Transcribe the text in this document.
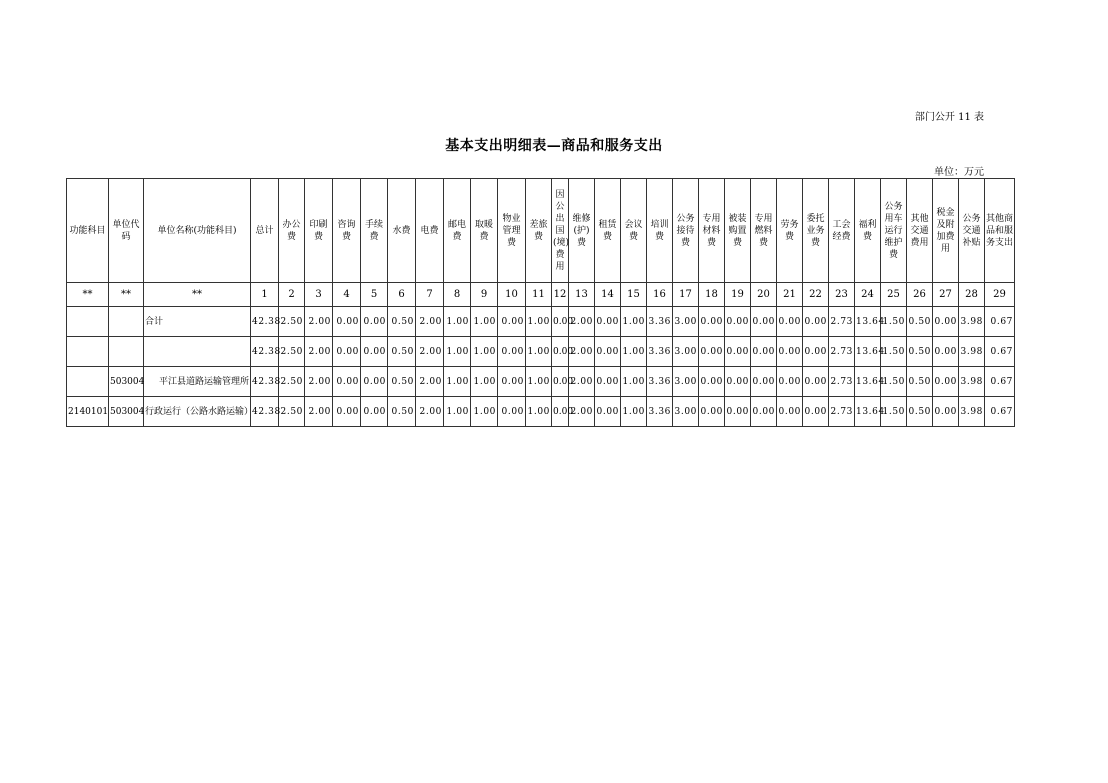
部门公开 11 表
基本支出明细表—商品和服务支出
单位：万元
功能科目	单位代码	单位名称(功能科目)	总计	办公费	印刷费	咨询费	手续费	水费	电费	邮电费	取暖费	物业管理费	差旅费	因公出国(境)费用	维修(护)费	租赁费	会议费	培训费	公务接待费	专用材料费	被装购置费	专用燃料费	劳务费	委托业务费	工会经费	福利费	公务用车运行维护费	其他交通费用	税金及附加费用	公务交通补贴	其他商品和服务支出
**	**	**	1	2	3	4	5	6	7	8	9	10	11	12	13	14	15	16	17	18	19	20	21	22	23	24	25	26	27	28	29
		合计	42.38	2.50	2.00	0.00	0.00	0.50	2.00	1.00	1.00	0.00	1.00	0.00	2.00	0.00	1.00	3.36	3.00	0.00	0.00	0.00	0.00	0.00	2.73	13.64	1.50	0.50	0.00	3.98	0.67
			42.38	2.50	2.00	0.00	0.00	0.50	2.00	1.00	1.00	0.00	1.00	0.00	2.00	0.00	1.00	3.36	3.00	0.00	0.00	0.00	0.00	0.00	2.73	13.64	1.50	0.50	0.00	3.98	0.67
	503004	平江县道路运输管理所	42.38	2.50	2.00	0.00	0.00	0.50	2.00	1.00	1.00	0.00	1.00	0.00	2.00	0.00	1.00	3.36	3.00	0.00	0.00	0.00	0.00	0.00	2.73	13.64	1.50	0.50	0.00	3.98	0.67
2140101	503004	行政运行（公路水路运输）	42.38	2.50	2.00	0.00	0.00	0.50	2.00	1.00	1.00	0.00	1.00	0.00	2.00	0.00	1.00	3.36	3.00	0.00	0.00	0.00	0.00	0.00	2.73	13.64	1.50	0.50	0.00	3.98	0.67
